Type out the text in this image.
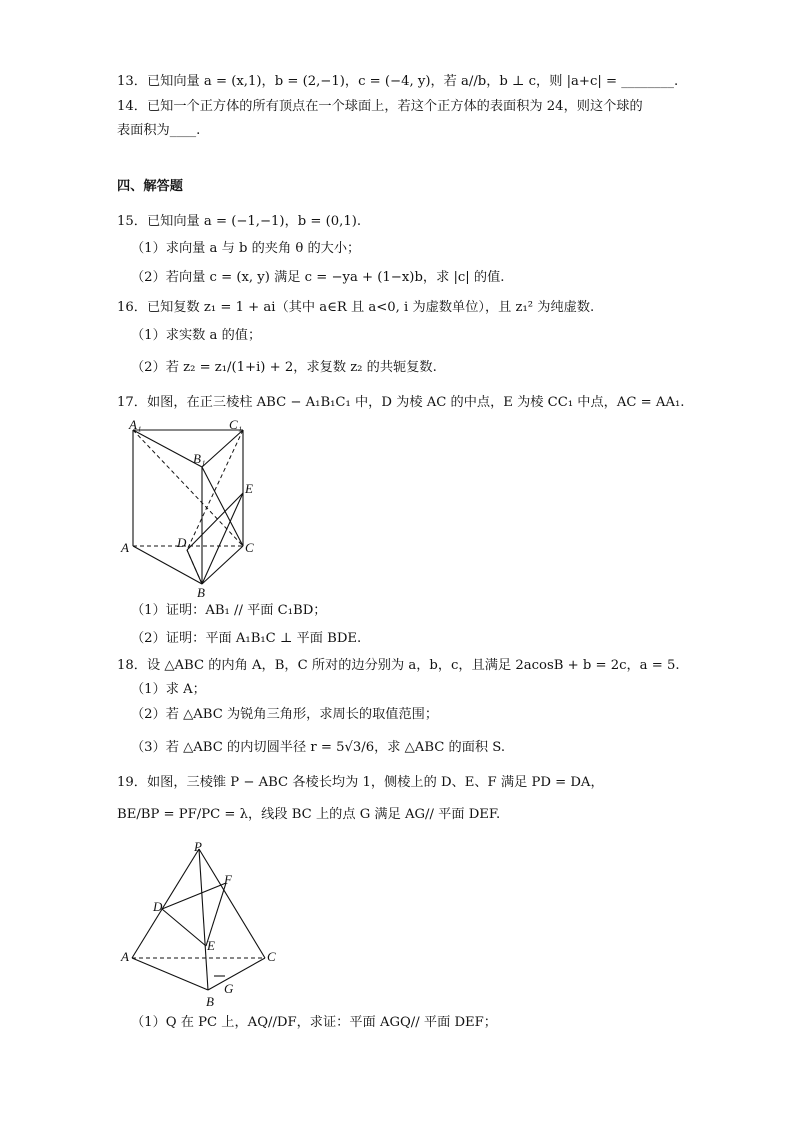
13．已知向量 a = (x,1)，b = (2,−1)，c = (−4, y)，若 a//b，b ⊥ c，则 |a+c| = ________.
14．已知一个正方体的所有顶点在一个球面上，若这个正方体的表面积为 24，则这个球的
表面积为____.
四、解答题
15．已知向量 a = (−1,−1)，b = (0,1).
（1）求向量 a 与 b 的夹角 θ 的大小；
（2）若向量 c = (x, y) 满足 c = −ya + (1−x)b，求 |c| 的值.
16．已知复数 z₁ = 1 + ai（其中 a∈R 且 a<0, i 为虚数单位），且 z₁² 为纯虚数.
（1）求实数 a 的值；
（2）若 z₂ = z₁/(1+i) + 2，求复数 z₂ 的共轭复数.
17．如图，在正三棱柱 ABC − A₁B₁C₁ 中，D 为棱 AC 的中点，E 为棱 CC₁ 中点，AC = AA₁.
A₁	C₁
B₁
E
D
A	C
B
（1）证明：AB₁ // 平面 C₁BD；
（2）证明：平面 A₁B₁C ⊥ 平面 BDE.
18．设 △ABC 的内角 A，B，C 所对的边分别为 a，b，c，且满足 2acosB + b = 2c，a = 5.
（1）求 A；
（2）若 △ABC 为锐角三角形，求周长的取值范围；
（3）若 △ABC 的内切圆半径 r = 5√3/6，求 △ABC 的面积 S.
19．如图，三棱锥 P − ABC 各棱长均为 1，侧棱上的 D、E、F 满足 PD = DA，
BE/BP = PF/PC = λ，线段 BC 上的点 G 满足 AG// 平面 DEF.
P
F
D
E
A	C
B
G
（1）Q 在 PC 上，AQ//DF，求证：平面 AGQ// 平面 DEF；
